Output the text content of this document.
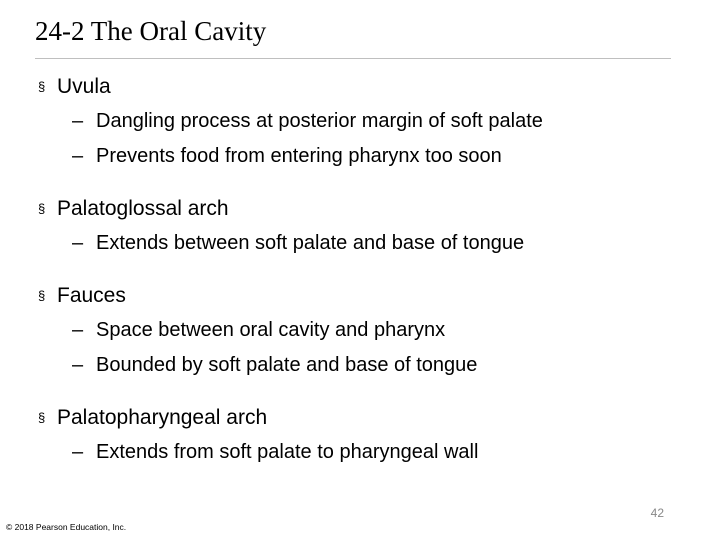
24-2 The Oral Cavity
§ Uvula
– Dangling process at posterior margin of soft palate
– Prevents food from entering pharynx too soon
§ Palatoglossal arch
– Extends between soft palate and base of tongue
§ Fauces
– Space between oral cavity and pharynx
– Bounded by soft palate and base of tongue
§ Palatopharyngeal arch
– Extends from soft palate to pharyngeal wall
42
© 2018 Pearson Education, Inc.
